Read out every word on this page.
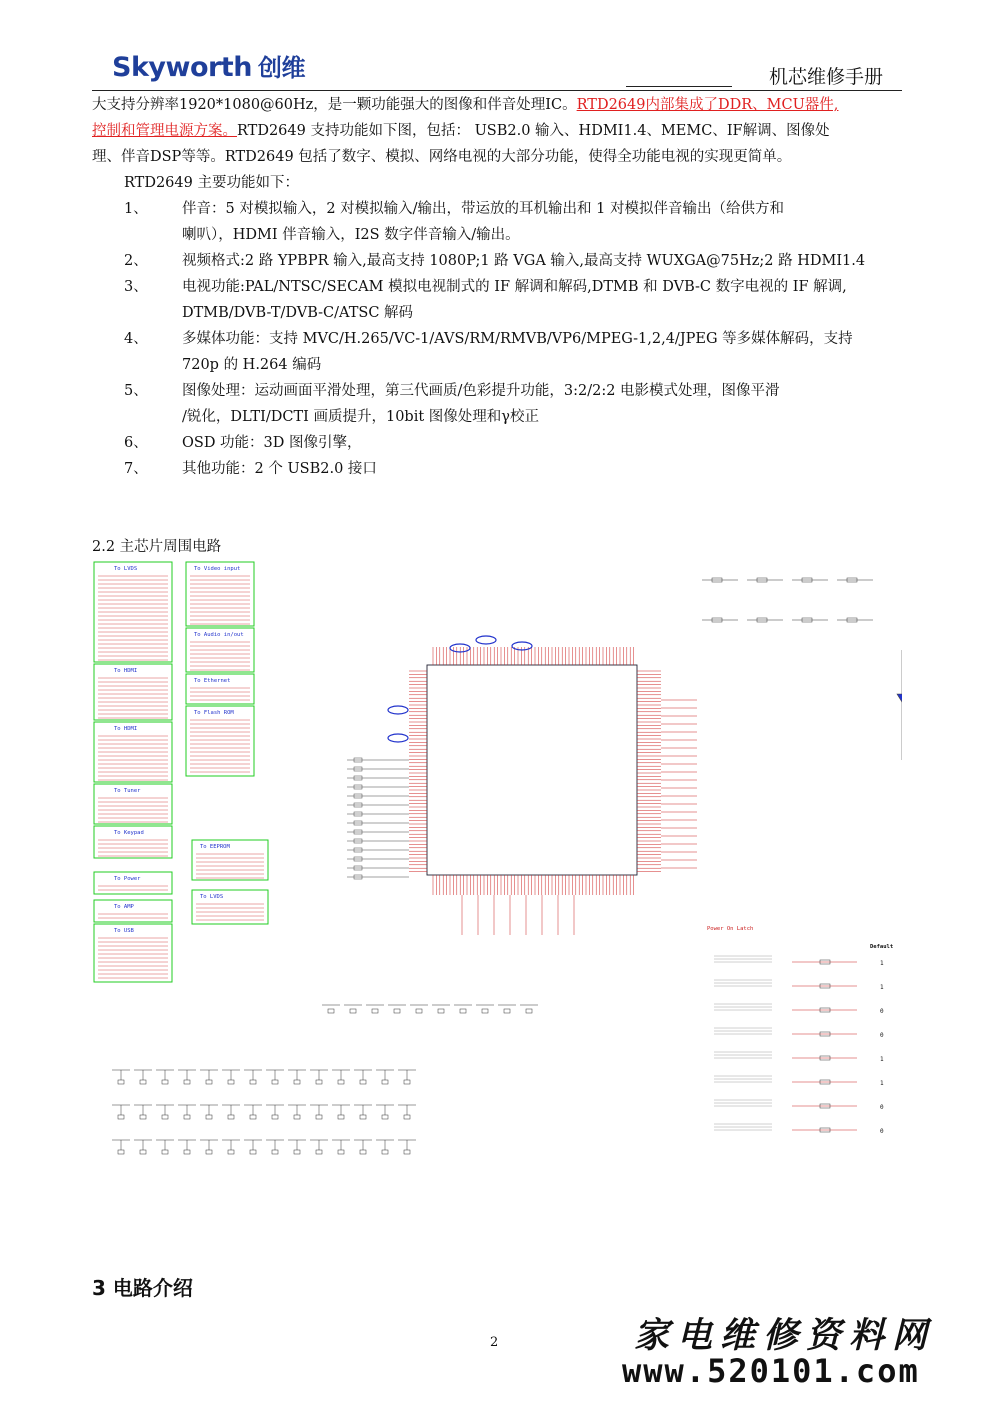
Skyworth 创维	机芯维修手册
大支持分辨率1920*1080@60Hz，是一颗功能强大的图像和伴音处理IC。RTD2649内部集成了DDR、MCU器件,
控制和管理电源方案。RTD2649 支持功能如下图，包括： USB2.0 输入、HDMI1.4、MEMC、IF解调、图像处
理、伴音DSP等等。RTD2649 包括了数字、模拟、网络电视的大部分功能，使得全功能电视的实现更简单。
RTD2649 主要功能如下：
1、 伴音：5 对模拟输入，2 对模拟输入/输出，带运放的耳机输出和 1 对模拟伴音输出（给供方和
喇叭），HDMI 伴音输入，I2S 数字伴音输入/输出。
2、 视频格式:2 路 YPBPR 输入,最高支持 1080P;1 路 VGA 输入,最高支持 WUXGA@75Hz;2 路 HDMI1.4
3、 电视功能:PAL/NTSC/SECAM 模拟电视制式的 IF 解调和解码,DTMB 和 DVB-C 数字电视的 IF 解调,
DTMB/DVB-T/DVB-C/ATSC 解码
4、 多媒体功能：支持 MVC/H.265/VC-1/AVS/RM/RMVB/VP6/MPEG-1,2,4/JPEG 等多媒体解码，支持
720p 的 H.264 编码
5、 图像处理：运动画面平滑处理，第三代画质/色彩提升功能，3:2/2:2 电影模式处理，图像平滑
/锐化，DLTI/DCTI 画质提升，10bit 图像处理和γ校正
6、 OSD 功能：3D 图像引擎，
7、 其他功能：2 个 USB2.0 接口
2.2 主芯片周围电路
To LVDS
To HDMI
To HDMI
To Tuner
To Keypad
To Power
To AMP
To USB
To Video input
To Audio in/out
To Ethernet
To Flash ROM
To EEPROM
To LVDS
Power On Latch
Default
1
1
0
0
1
1
0
0
3 电路介绍
2	家电维修资料网
www.520101.com
